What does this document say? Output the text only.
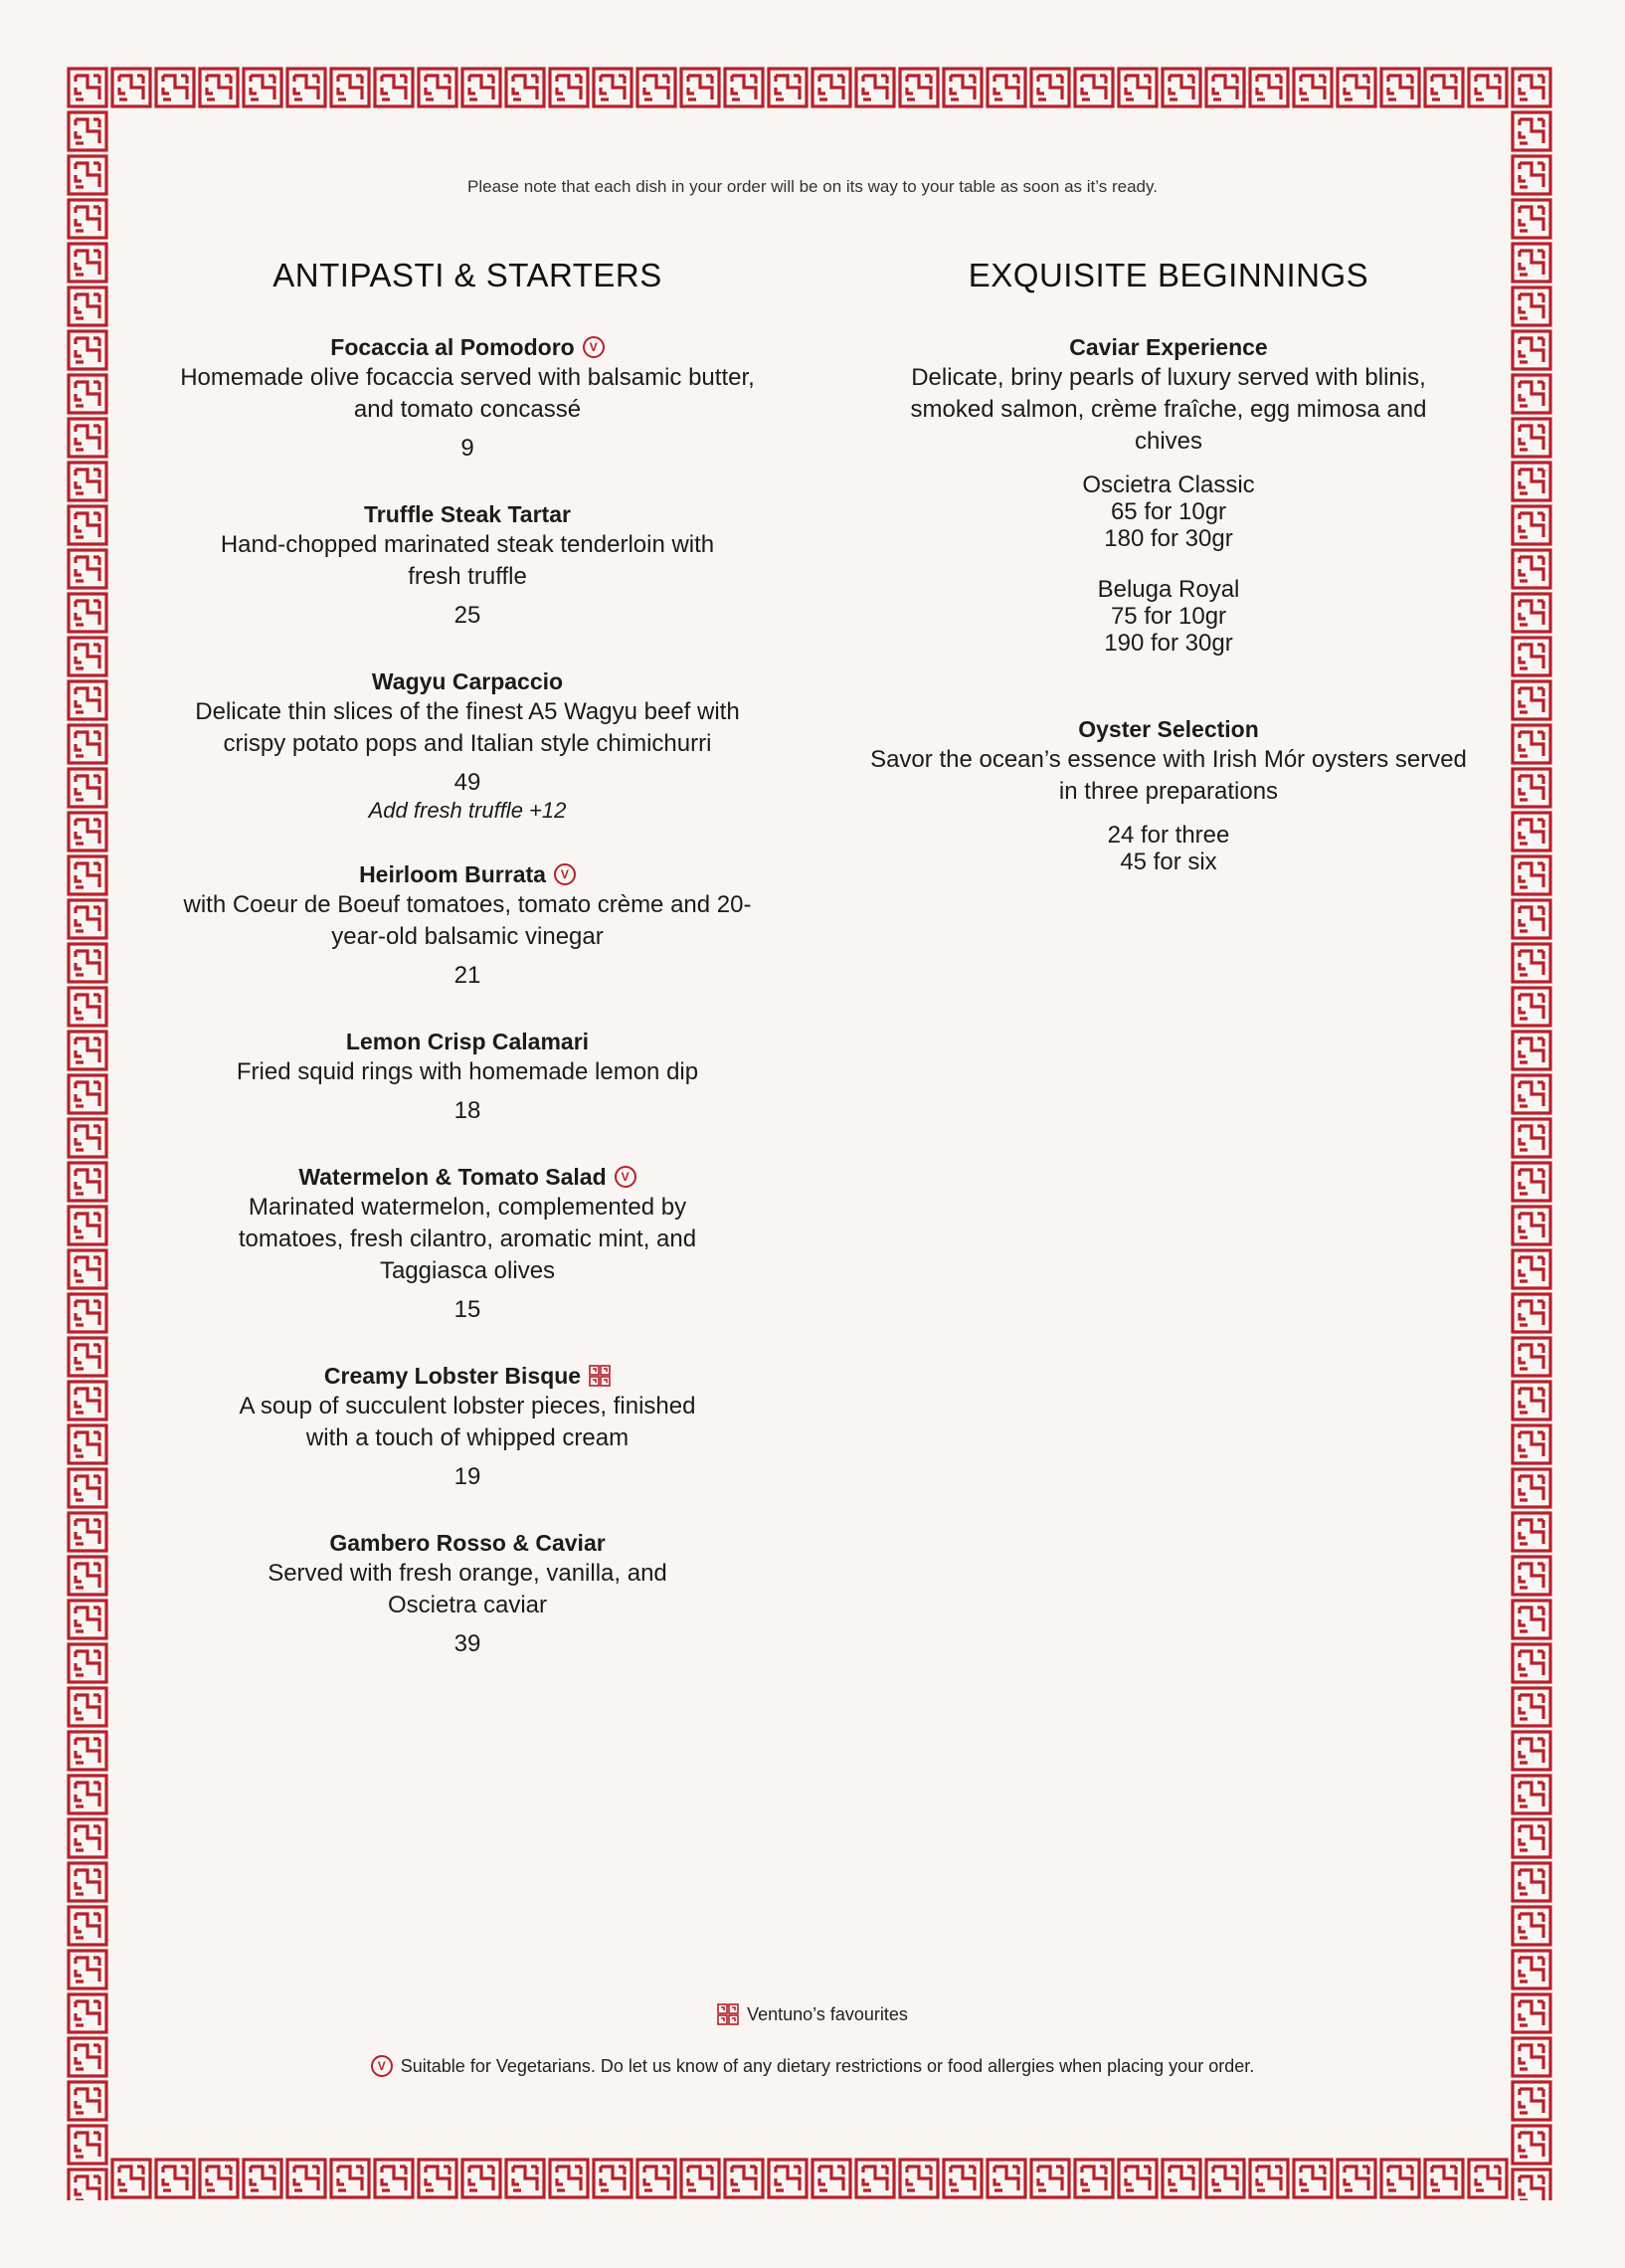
Please note that each dish in your order will be on its way to your table as soon as it’s ready.
ANTIPASTI & STARTERS
Focaccia al Pomodoro	V
Homemade olive focaccia served with balsamic butter, and tomato concassé
9
Truffle Steak Tartar
Hand-chopped marinated steak tenderloin with fresh truffle
25
Wagyu Carpaccio
Delicate thin slices of the finest A5 Wagyu beef with crispy potato pops and Italian style chimichurri
49
Add fresh truffle +12
Heirloom Burrata	V
with Coeur de Boeuf tomatoes, tomato crème and 20-year-old balsamic vinegar
21
Lemon Crisp Calamari
Fried squid rings with homemade lemon dip
18
Watermelon & Tomato Salad	V
Marinated watermelon, complemented by tomatoes, fresh cilantro, aromatic mint, and Taggiasca olives
15
Creamy Lobster Bisque
A soup of succulent lobster pieces, finished with a touch of whipped cream
19
Gambero Rosso & Caviar
Served with fresh orange, vanilla, and Oscietra caviar
39
EXQUISITE BEGINNINGS
Caviar Experience
Delicate, briny pearls of luxury served with blinis, smoked salmon, crème fraîche, egg mimosa and chives
Oscietra Classic
65 for 10gr
180 for 30gr
Beluga Royal
75 for 10gr
190 for 30gr
Oyster Selection
Savor the ocean’s essence with Irish Mór oysters served in three preparations
24 for three
45 for six
Ventuno’s favourites
V Suitable for Vegetarians. Do let us know of any dietary restrictions or food allergies when placing your order.
